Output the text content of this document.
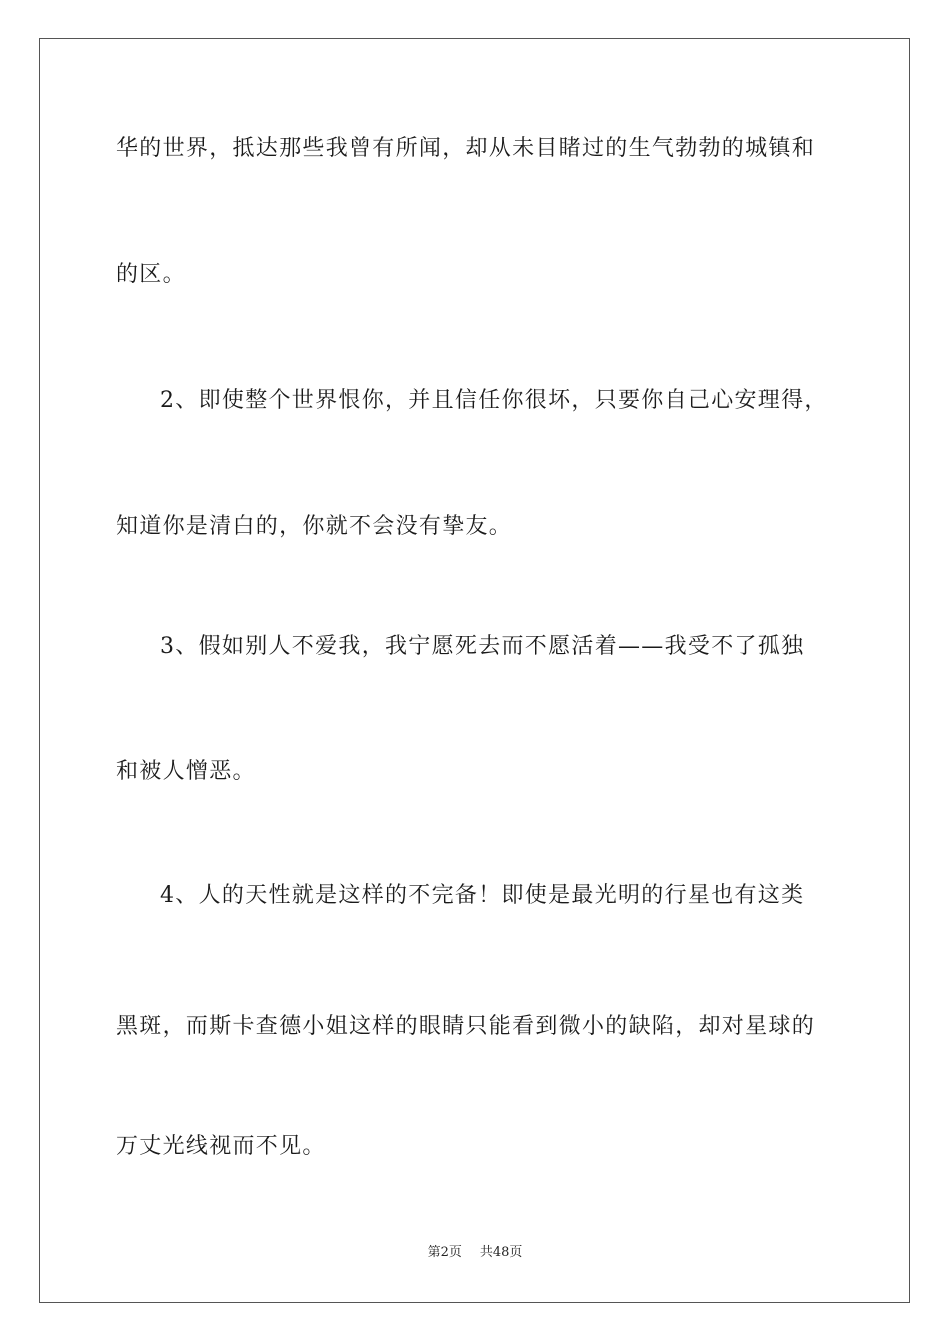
华的世界，抵达那些我曾有所闻，却从未目睹过的生气勃勃的城镇和
的区。
2、即使整个世界恨你，并且信任你很坏，只要你自己心安理得，
知道你是清白的，你就不会没有挚友。
3、假如别人不爱我，我宁愿死去而不愿活着——我受不了孤独
和被人憎恶。
4、人的天性就是这样的不完备！即使是最光明的行星也有这类
黑斑，而斯卡查德小姐这样的眼睛只能看到微小的缺陷，却对星球的
万丈光线视而不见。
第2页 共48页
